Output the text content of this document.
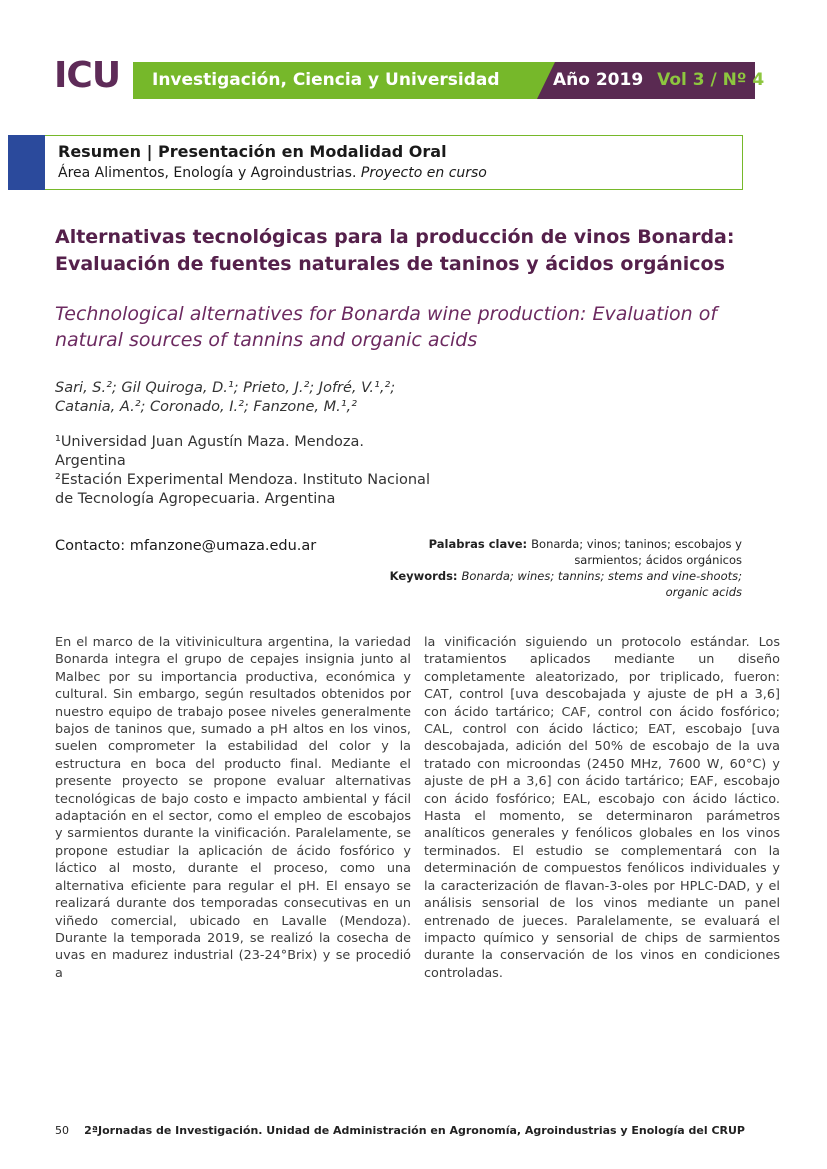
ICU Investigación, Ciencia y Universidad	Año 2019 Vol 3 / Nº 4
Resumen | Presentación en Modalidad Oral
Área Alimentos, Enología y Agroindustrias. Proyecto en curso
Alternativas tecnológicas para la producción de vinos Bonarda: Evaluación de fuentes naturales de taninos y ácidos orgánicos
Technological alternatives for Bonarda wine production: Evaluation of natural sources of tannins and organic acids
Sari, S.²; Gil Quiroga, D.¹; Prieto, J.²; Jofré, V.¹,²; Catania, A.²; Coronado, I.²; Fanzone, M.¹,²
¹Universidad Juan Agustín Maza. Mendoza. Argentina
²Estación Experimental Mendoza. Instituto Nacional de Tecnología Agropecuaria. Argentina
Contacto: mfanzone@umaza.edu.ar	Palabras clave: Bonarda; vinos; taninos; escobajos y sarmientos; ácidos orgánicos
Keywords: Bonarda; wines; tannins; stems and vine-shoots; organic acids
En el marco de la vitivinicultura argentina, la variedad Bonarda integra el grupo de cepajes insignia junto al Malbec por su importancia productiva, económica y cultural. Sin embargo, según resultados obtenidos por nuestro equipo de trabajo posee niveles generalmente bajos de taninos que, sumado a pH altos en los vinos, suelen comprometer la estabilidad del color y la estructura en boca del producto final. Mediante el presente proyecto se propone evaluar alternativas tecnológicas de bajo costo e impacto ambiental y fácil adaptación en el sector, como el empleo de escobajos y sarmientos durante la vinificación. Paralelamente, se propone estudiar la aplicación de ácido fosfórico y láctico al mosto, durante el proceso, como una alternativa eficiente para regular el pH. El ensayo se realizará durante dos temporadas consecutivas en un viñedo comercial, ubicado en Lavalle (Mendoza). Durante la temporada 2019, se realizó la cosecha de uvas en madurez industrial (23-24°Brix) y se procedió a
la vinificación siguiendo un protocolo estándar. Los tratamientos aplicados mediante un diseño completamente aleatorizado, por triplicado, fueron: CAT, control [uva descobajada y ajuste de pH a 3,6] con ácido tartárico; CAF, control con ácido fosfórico; CAL, control con ácido láctico; EAT, escobajo [uva descobajada, adición del 50% de escobajo de la uva tratado con microondas (2450 MHz, 7600 W, 60°C) y ajuste de pH a 3,6] con ácido tartárico; EAF, escobajo con ácido fosfórico; EAL, escobajo con ácido láctico. Hasta el momento, se determinaron parámetros analíticos generales y fenólicos globales en los vinos terminados. El estudio se complementará con la determinación de compuestos fenólicos individuales y la caracterización de flavan-3-oles por HPLC-DAD, y el análisis sensorial de los vinos mediante un panel entrenado de jueces. Paralelamente, se evaluará el impacto químico y sensorial de chips de sarmientos durante la conservación de los vinos en condiciones controladas.
50 2ªJornadas de Investigación. Unidad de Administración en Agronomía, Agroindustrias y Enología del CRUP
